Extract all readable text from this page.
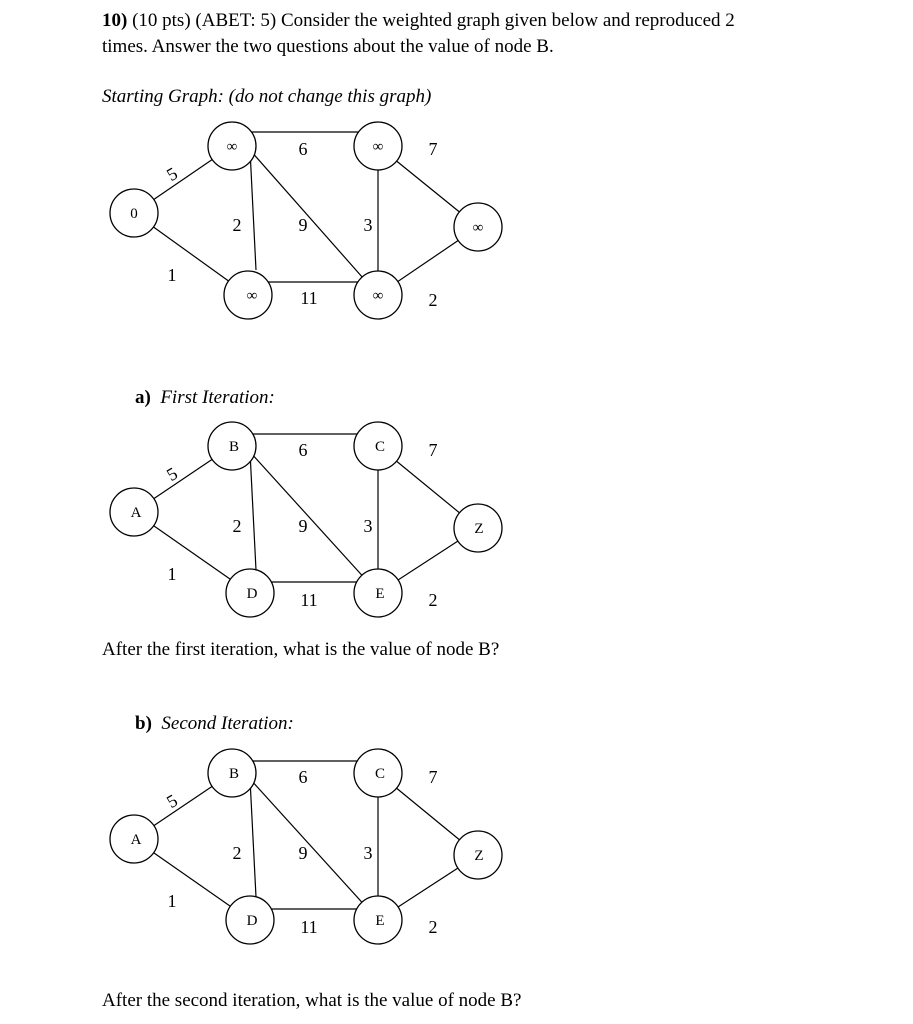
10) (10 pts) (ABET: 5) Consider the weighted graph given below and reproduced 2
times. Answer the two questions about the value of node B.
Starting Graph: (do not change this graph)
0
∞	∞
∞	∞
∞
5
1
6
2	9
11
3
7
2
a) First Iteration:
A
B	C
D	E
Z
5
1
6
2	9
11
3
7
2
After the first iteration, what is the value of node B?
b) Second Iteration:
A
B	C
D	E
Z
5
1
6
2	9
11
3
7
2
After the second iteration, what is the value of node B?
